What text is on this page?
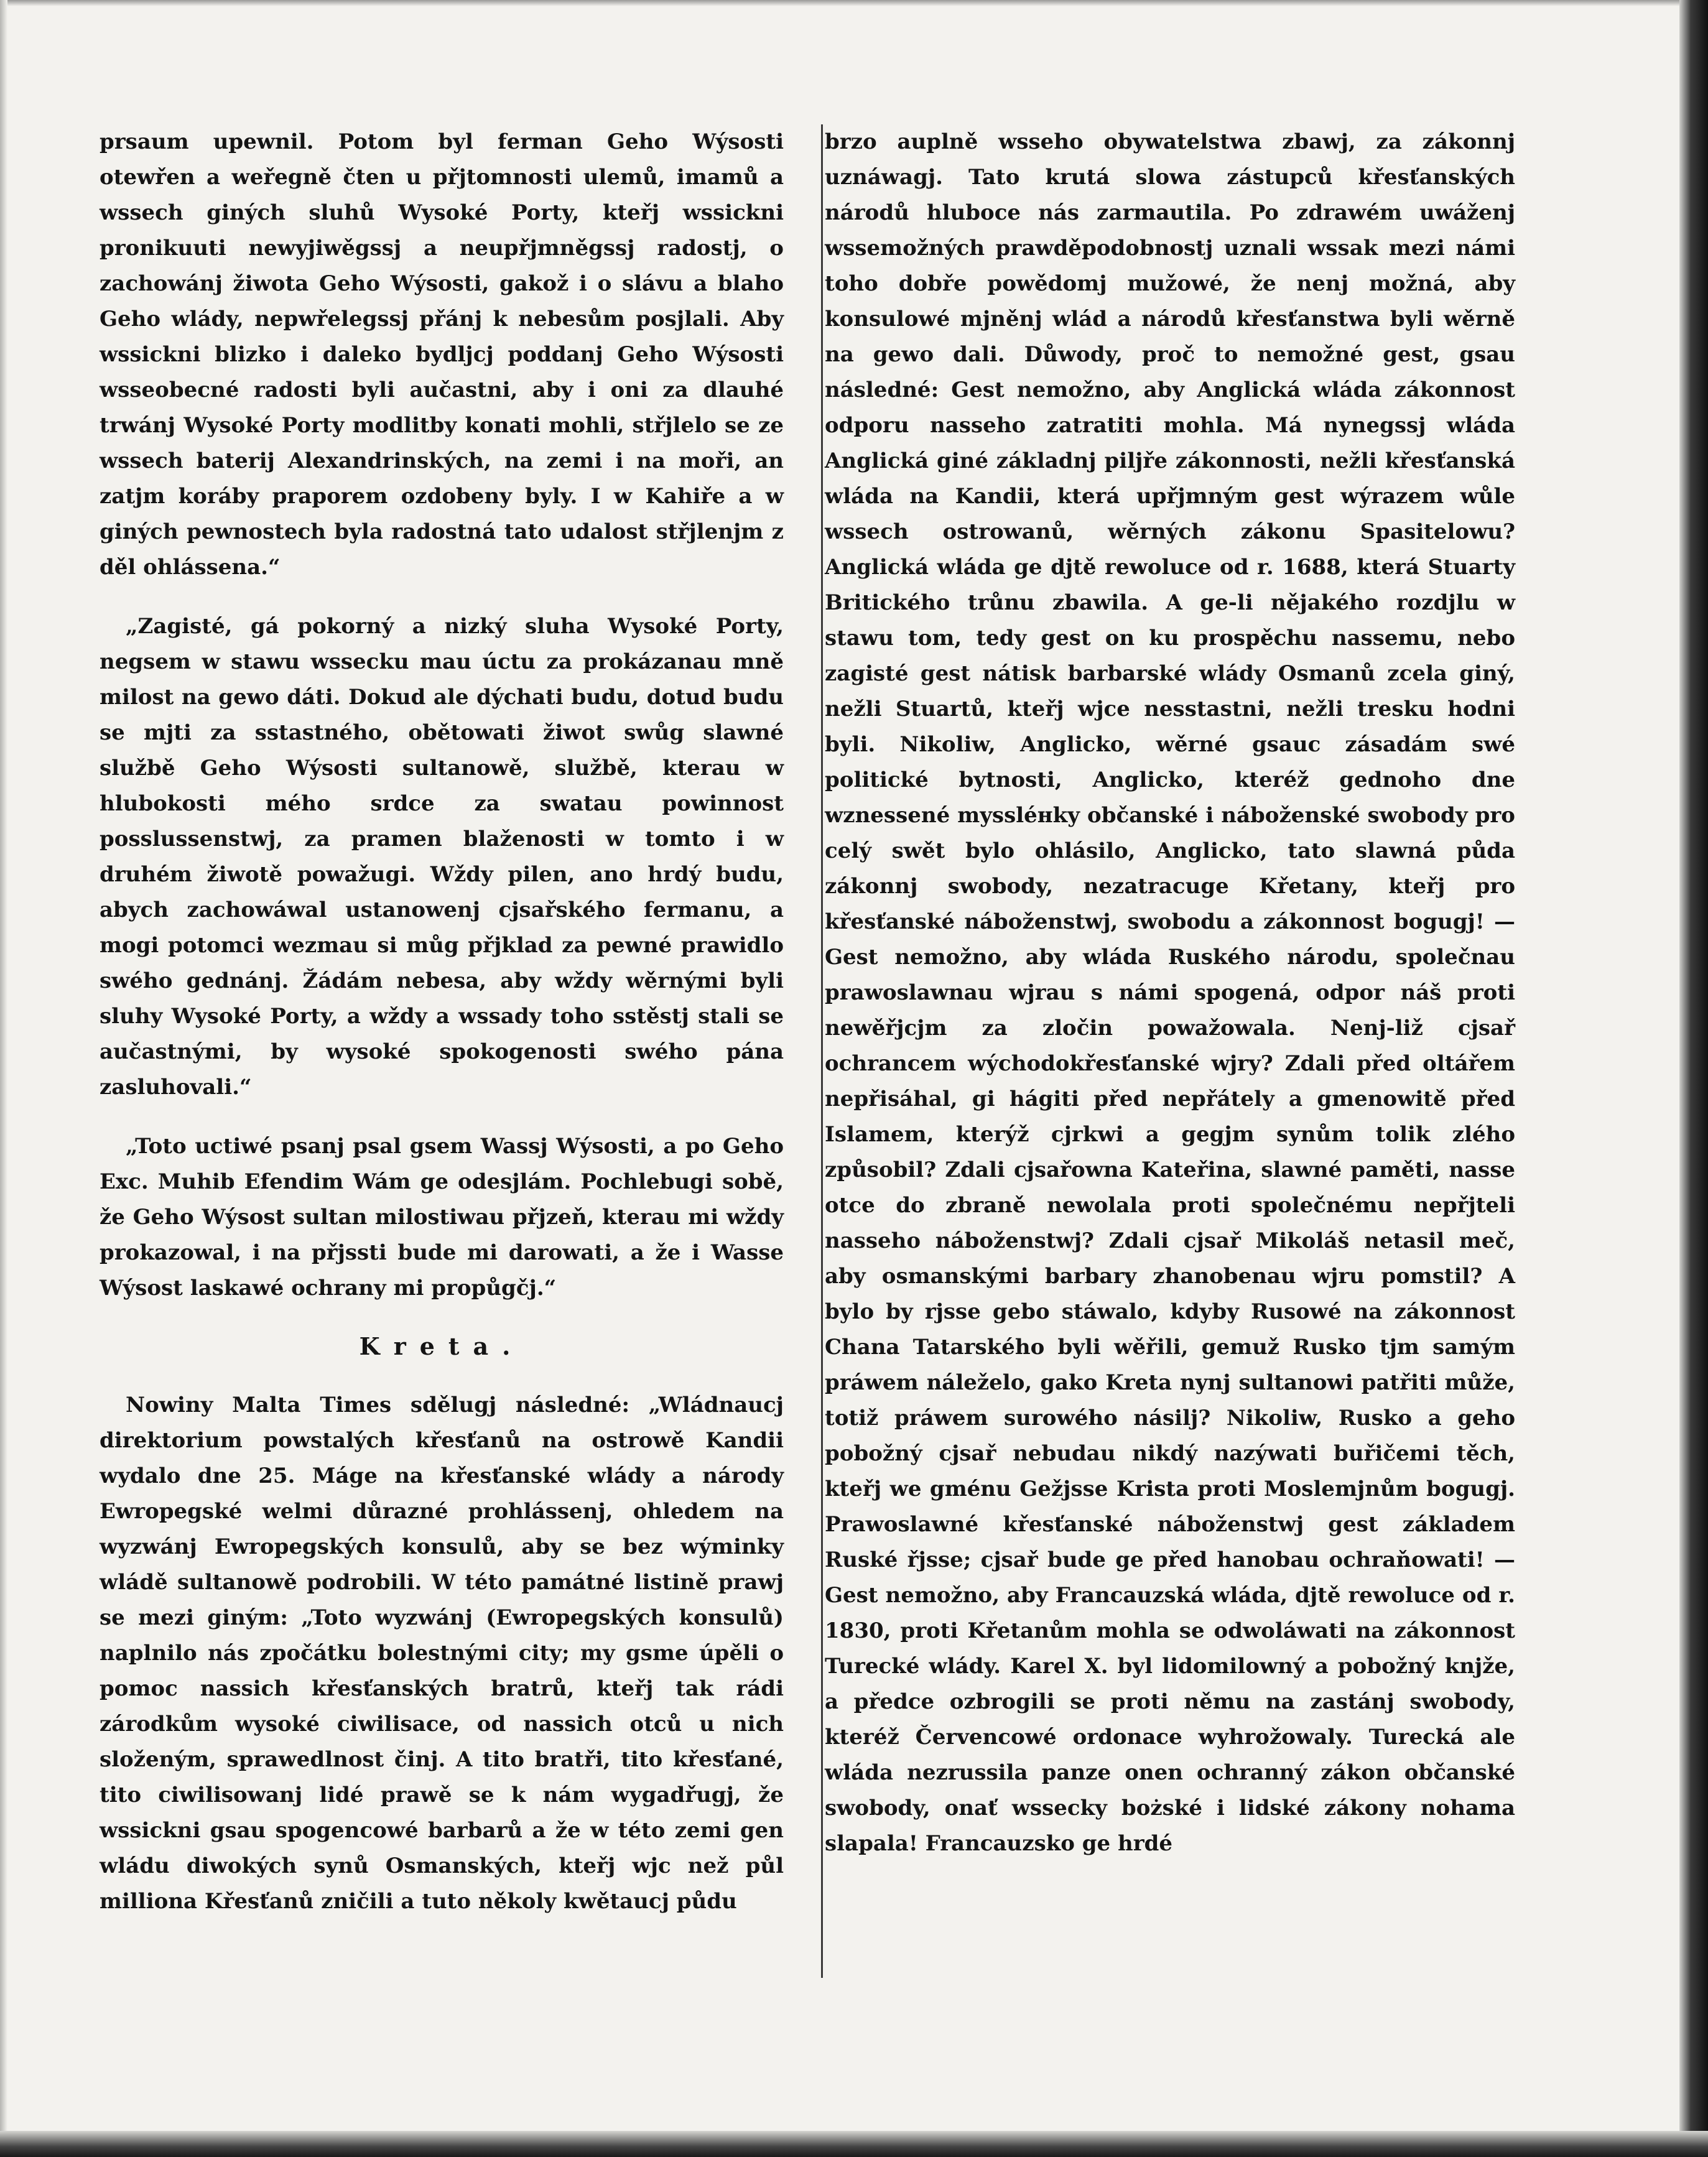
prsaum upewnil. Potom byl ferman Geho Wýsosti otewřen a weřegně čten u přjtomnosti ulemů, imamů a wssech giných sluhů Wysoké Porty, kteřj wssickni pronikuuti newyjiwěgssj a neupřjmněgssj radostj, o zachowánj žiwota Geho Wýsosti, gakož i o slávu a blaho Geho wlády, nepwřelegssj přánj k nebesům posjlali. Aby wssickni blizko i daleko bydljcj poddanj Geho Wýsosti wsseobecné radosti byli aučastni, aby i oni za dlauhé trwánj Wysoké Porty modlitby konati mohli, střjlelo se ze wssech baterij Alexandrinských, na zemi i na moři, an zatjm koráby praporem ozdobeny byly. I w Kahiře a w giných pewnostech byla radostná tato udalost střjlenjm z děl ohlássena.“

„Zagisté, gá pokorný a nizký sluha Wysoké Porty, negsem w stawu wssecku mau úctu za prokázanau mně milost na gewo dáti. Dokud ale dýchati budu, dotud budu se mjti za sstastného, obětowati žiwot swůg slawné službě Geho Wýsosti sultanowě, službě, kterau w hlubokosti mého srdce za swatau powinnost posslussenstwj, za pramen blaženosti w tomto i w druhém žiwotě powažugi. Wždy pilen, ano hrdý budu, abych zachowáwal ustanowenj cjsařského fermanu, a mogi potomci wezmau si můg přjklad za pewné prawidlo swého gednánj. Žádám nebesa, aby wždy wěrnými byli sluhy Wysoké Porty, a wždy a wssady toho sstěstj stali se aučastnými, by wysoké spokogenosti swého pána zasluhovali.“

„Toto uctiwé psanj psal gsem Wassj Wýsosti, a po Geho Exc. Muhib Efendim Wám ge odesjlám. Pochlebugi sobě, že Geho Wýsost sultan milostiwau přjzeň, kterau mi wždy prokazowal, i na přjssti bude mi darowati, a že i Wasse Wýsost laskawé ochrany mi propůgčj.“

Kreta.

Nowiny Malta Times sdělugj následné: „Wládnaucj direktorium powstalých křesťanů na ostrowě Kandii wydalo dne 25. Máge na křesťanské wlády a národy Ewropegské welmi důrazné prohlássenj, ohledem na wyzwánj Ewropegských konsulů, aby se bez wýminky wládě sultanowě podrobili. W této památné listině prawj se mezi giným: „Toto wyzwánj (Ewropegských konsulů) naplnilo nás zpočátku bolestnými city; my gsme úpěli o pomoc nassich křesťanských bratrů, kteřj tak rádi zárodkům wysoké ciwilisace, od nassich otců u nich složeným, sprawedlnost činj. A tito bratři, tito křesťané, tito ciwilisowanj lidé prawě se k nám wygadřugj, že wssickni gsau spogencowé barbarů a že w této zemi gen wládu diwokých synů Osmanských, kteřj wjc než půl milliona Křesťanů zničili a tuto několy kwětaucj půdu

brzo auplně wsseho obywatelstwa zbawj, za zákonnj uznáwagj. Tato krutá slowa zástupců křesťanských národů hluboce nás zarmautila. Po zdrawém uwáženj wssemožných prawděpodobnostj uznali wssak mezi námi toho dobře powědomj mužowé, že nenj možná, aby konsulowé mjněnj wlád a národů křesťanstwa byli wěrně na gewo dali. Důwody, proč to nemožné gest, gsau následné: Gest nemožno, aby Anglická wláda zákonnost odporu nasseho zatratiti mohla. Má nynegssj wláda Anglická giné základnj pilјře zákonnosti, nežli křesťanská wláda na Kandii, která upřjmným gest wýrazem wůle wssech ostrowanů, wěrných zákonu Spasitelowu? Anglická wláda ge dјtě rewoluce od r. 1688, která Stuarty Britického trůnu zbawila. A ge-li nějakého rozdjlu w stawu tom, tedy gest on ku prospěchu nassemu, nebo zagisté gest nátisk barbarské wlády Osmanů zcela giný, nežli Stuartů, kteřj wjce nesstastni, nežli tresku hodni byli. Nikoliw, Anglicko, wěrné gsauc zásadám swé politické bytnosti, Anglicko, kteréž gednoho dne wznessené myssléнky občanské i náboženské swobody pro celý swět bylo ohlásilo, Anglicko, tato slawná půda zákonnj swobody, nezatracuge Křetany, kteřj pro křesťanské náboženstwj, swobodu a zákonnost bogugj! — Gest nemožno, aby wláda Ruského národu, společnau prawoslawnau wjrau s námi spogená, odpor náš proti newěřjcjm za zločin powažowala. Nenj-liž cjsař ochrancem wýchodokřesťanské wjry? Zdali před oltářem nepřisáhal, gi hágiti před nepřátely a gmenowitě před Islamem, kterýž cjrkwi a gegjm synům tolik zlého způsobil? Zdali cjsařowna Kateřina, slawné paměti, nasse otce do zbraně newolala proti společnému nepřjteli nasseho náboženstwj? Zdali cjsař Mikoláš netasil meč, aby osmanskými barbary zhanobenau wjru pomstil? A bylo by rjsse gebo stáwalo, kdyby Rusowé na zákonnost Chana Tatarského byli wěřili, gemuž Rusko tjm samým práwem náleželo, gako Kreta nynj sultanowi patřiti může, totiž práwem surowého násilj? Nikoliw, Rusko a geho pobožný cjsař nebudau nikdý nazýwati buřičemi těch, kteřj we gménu Gežjsse Krista proti Moslemjnům bogugj. Prawoslawné křesťanské náboženstwj gest základem Ruské řjsse; cjsař bude ge před hanobau ochraňowati! — Gest nemožno, aby Francauzská wláda, dјtě rewoluce od r. 1830, proti Křetanům mohla se odwoláwati na zákonnost Turecké wlády. Karel X. byl lidomilowný a pobožný knjže, a předce ozbrogili se proti němu na zastánj swobody, kteréž Červencowé ordonace wyhrožowaly. Turecká ale wláda nezrussila panze onen ochranný zákon občanské swobody, onať wssecky bożské i lidské zákony nohama slapala! Francauzsko ge hrdé
